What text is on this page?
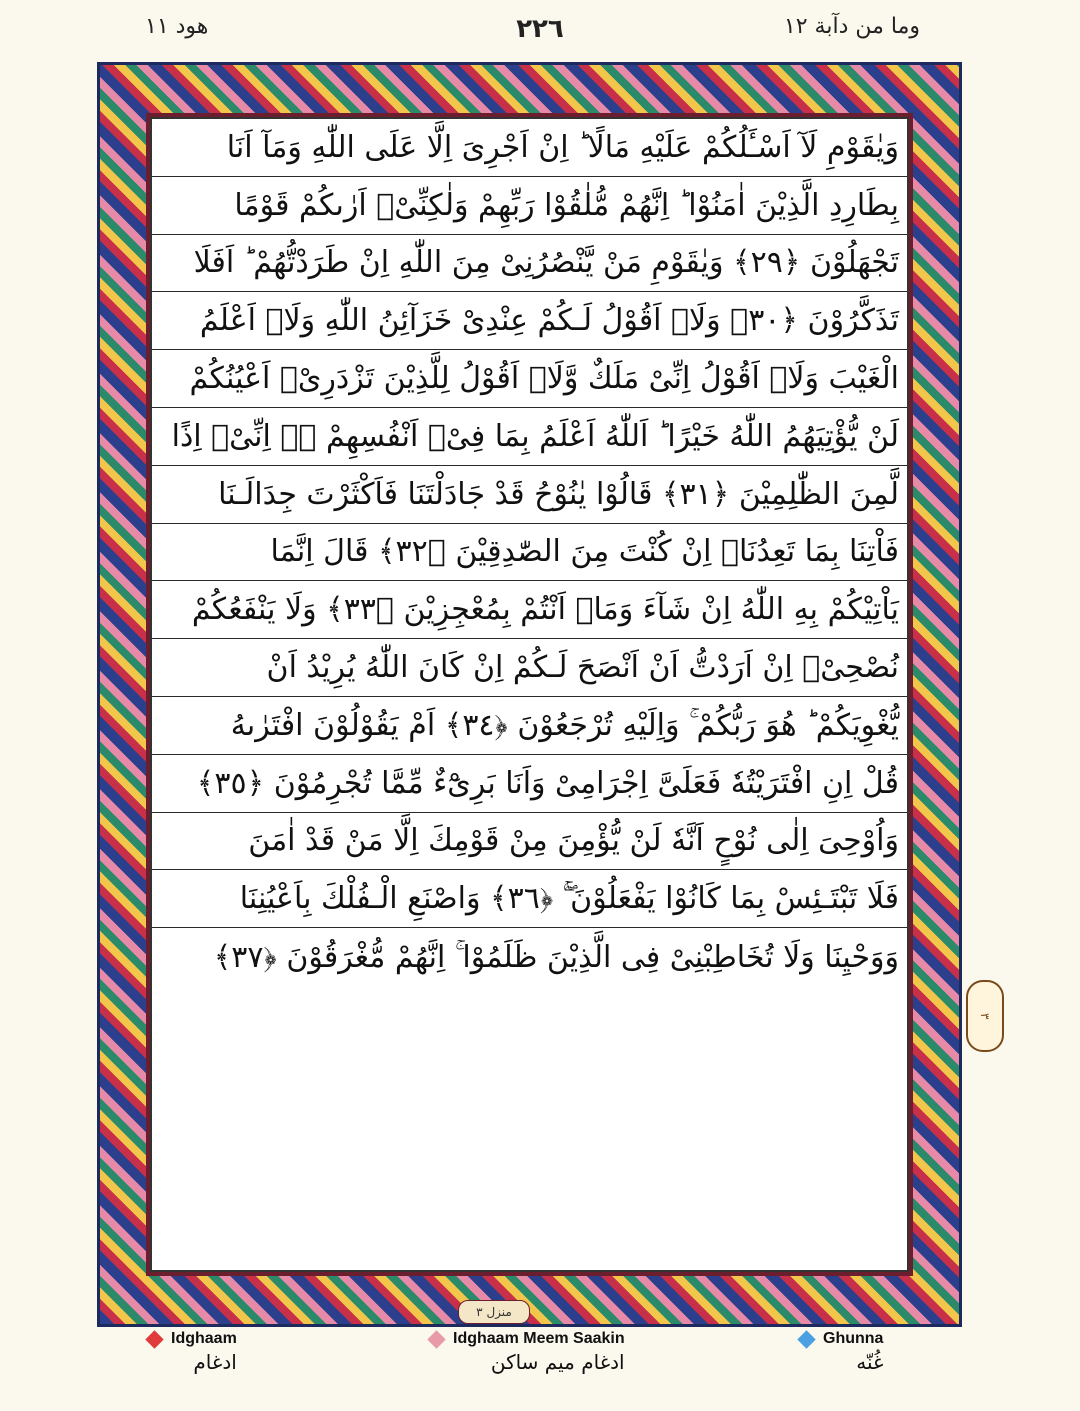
هود ١١	٢٢٦	وما من دآبة ١٢
وَيٰقَوْمِ لَآ اَسْـَٔلُكُمْ عَلَيْهِ مَالًا ؕ اِنْ اَجْرِىَ اِلَّا عَلَى اللّٰهِ وَمَآ اَنَا
بِطَارِدِ الَّذِيْنَ اٰمَنُوْا ؕ اِنَّهُمْ مُّلٰقُوْا رَبِّهِمْ وَلٰكِنِّىْۤ اَرٰىكُمْ قَوْمًا
تَجْهَلُوْنَ ﴿٢٩﴾ وَيٰقَوْمِ مَنْ يَّنْصُرُنِىْ مِنَ اللّٰهِ اِنْ طَرَدْتُّهُمْ ؕ اَفَلَا
تَذَكَّرُوْنَ ﴿٣٠﴾ وَلَاۤ اَقُوْلُ لَـكُمْ عِنْدِىْ خَزَآئِنُ اللّٰهِ وَلَاۤ اَعْلَمُ
الْغَيْبَ وَلَاۤ اَقُوْلُ اِنِّىْ مَلَكٌ وَّلَاۤ اَقُوْلُ لِلَّذِيْنَ تَزْدَرِىْۤ اَعْيُنُكُمْ
لَنْ يُّؤْتِيَهُمُ اللّٰهُ خَيْرًا ؕ اَللّٰهُ اَعْلَمُ بِمَا فِىْۤ اَنْفُسِهِمْ ۖۚ اِنِّىْۤ اِذًا
لَّمِنَ الظّٰلِمِيْنَ ﴿٣١﴾ قَالُوْا يٰنُوْحُ قَدْ جَادَلْتَنَا فَاَكْثَرْتَ جِدَالَـنَا
فَاْتِنَا بِمَا تَعِدُنَاۤ اِنْ كُنْتَ مِنَ الصّٰدِقِيْنَ ﴿٣٢﴾ قَالَ اِنَّمَا
يَاْتِيْكُمْ بِهِ اللّٰهُ اِنْ شَآءَ وَمَاۤ اَنْتُمْ بِمُعْجِزِيْنَ ﴿٣٣﴾ وَلَا يَنْفَعُكُمْ
نُصْحِىْۤ اِنْ اَرَدْتُّ اَنْ اَنْصَحَ لَـكُمْ اِنْ كَانَ اللّٰهُ يُرِيْدُ اَنْ
يُّغْوِيَكُمْ ؕ هُوَ رَبُّكُمْ ۚ وَاِلَيْهِ تُرْجَعُوْنَ ﴿٣٤﴾ اَمْ يَقُوْلُوْنَ افْتَرٰٮهُ
قُلْ اِنِ افْتَرَيْتُهٗ فَعَلَىَّ اِجْرَامِىْ وَاَنَا بَرِىْٓءٌ مِّمَّا تُجْرِمُوْنَ ﴿٣٥﴾
وَاُوْحِىَ اِلٰى نُوْحٍ اَنَّهٗ لَنْ يُّؤْمِنَ مِنْ قَوْمِكَ اِلَّا مَنْ قَدْ اٰمَنَ
فَلَا تَبْتَـئِسْ بِمَا كَانُوْا يَفْعَلُوْنَ ۖۚ ﴿٣٦﴾ وَاصْنَعِ الْـفُلْكَ بِاَعْيُنِنَا
وَوَحْيِنَا وَلَا تُخَاطِبْنِىْ فِى الَّذِيْنَ ظَلَمُوْا ۚ اِنَّهُمْ مُّغْرَقُوْنَ ﴿٣٧﴾
منزل ٣
٣
Idghaam
ادغام
Idghaam Meem Saakin
ادغام میم ساکن
Ghunna
غُنّه
